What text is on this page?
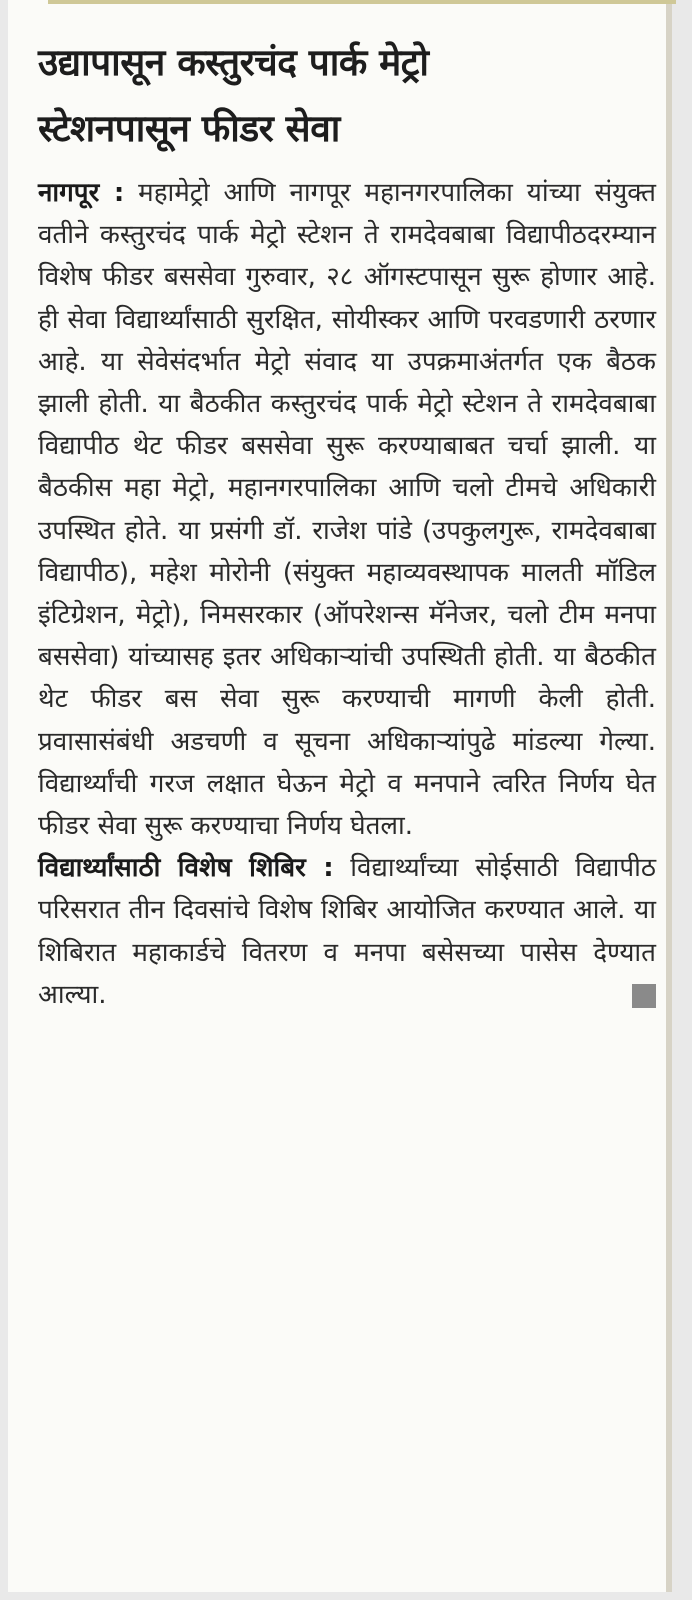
उद्यापासून कस्तुरचंद पार्क मेट्रो
स्टेशनपासून फीडर सेवा

नागपूर : महामेट्रो आणि नागपूर महानगरपालिका यांच्या संयुक्त वतीने कस्तुरचंद पार्क मेट्रो स्टेशन ते रामदेवबाबा विद्यापीठदरम्यान विशेष फीडर बससेवा गुरुवार, २८ ऑगस्टपासून सुरू होणार आहे. ही सेवा विद्यार्थ्यांसाठी सुरक्षित, सोयीस्कर आणि परवडणारी ठरणार आहे. या सेवेसंदर्भात मेट्रो संवाद या उपक्रमाअंतर्गत एक बैठक झाली होती. या बैठकीत कस्तुरचंद पार्क मेट्रो स्टेशन ते रामदेवबाबा विद्यापीठ थेट फीडर बससेवा सुरू करण्याबाबत चर्चा झाली. या बैठकीस महा मेट्रो, महानगरपालिका आणि चलो टीमचे अधिकारी उपस्थित होते. या प्रसंगी डॉ. राजेश पांडे (उपकुलगुरू, रामदेवबाबा विद्यापीठ), महेश मोरोनी (संयुक्त महाव्यवस्थापक मालती मॉडिल इंटिग्रेशन, मेट्रो), निमसरकार (ऑपरेशन्स मॅनेजर, चलो टीम मनपा बससेवा) यांच्यासह इतर अधिकाऱ्यांची उपस्थिती होती. या बैठकीत थेट फीडर बस सेवा सुरू करण्याची मागणी केली होती. प्रवासासंबंधी अडचणी व सूचना अधिकाऱ्यांपुढे मांडल्या गेल्या. विद्यार्थ्यांची गरज लक्षात घेऊन मेट्रो व मनपाने त्वरित निर्णय घेत फीडर सेवा सुरू करण्याचा निर्णय घेतला.

विद्यार्थ्यांसाठी विशेष शिबिर : विद्यार्थ्यांच्या सोईसाठी विद्यापीठ परिसरात तीन दिवसांचे विशेष शिबिर आयोजित करण्यात आले. या शिबिरात महाकार्डचे वितरण व मनपा बसेसच्या पासेस देण्यात आल्या.
